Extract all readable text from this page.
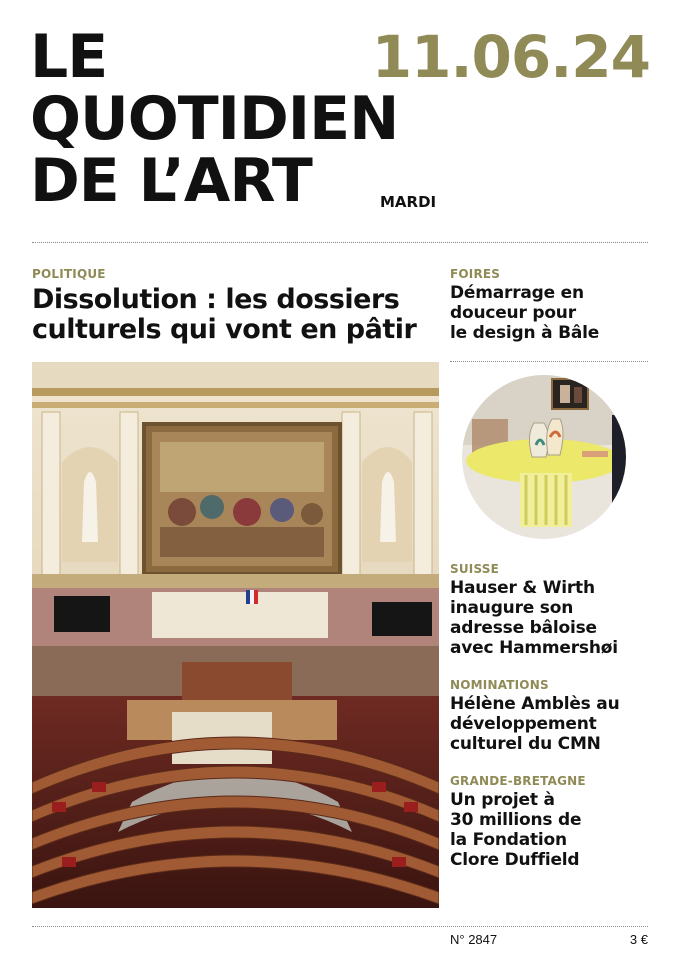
LE
QUOTIDIEN
DE L’ART
11.06.24
MARDI
POLITIQUE
Dissolution : les dossiers
culturels qui vont en pâtir
FOIRES
Démarrage en
douceur pour
le design à Bâle
SUISSE
Hauser & Wirth
inaugure son
adresse bâloise
avec Hammershøi
NOMINATIONS
Hélène Amblès au
développement
culturel du CMN
GRANDE-BRETAGNE
Un projet à
30 millions de
la Fondation
Clore Duffield
N° 2847	3 €
